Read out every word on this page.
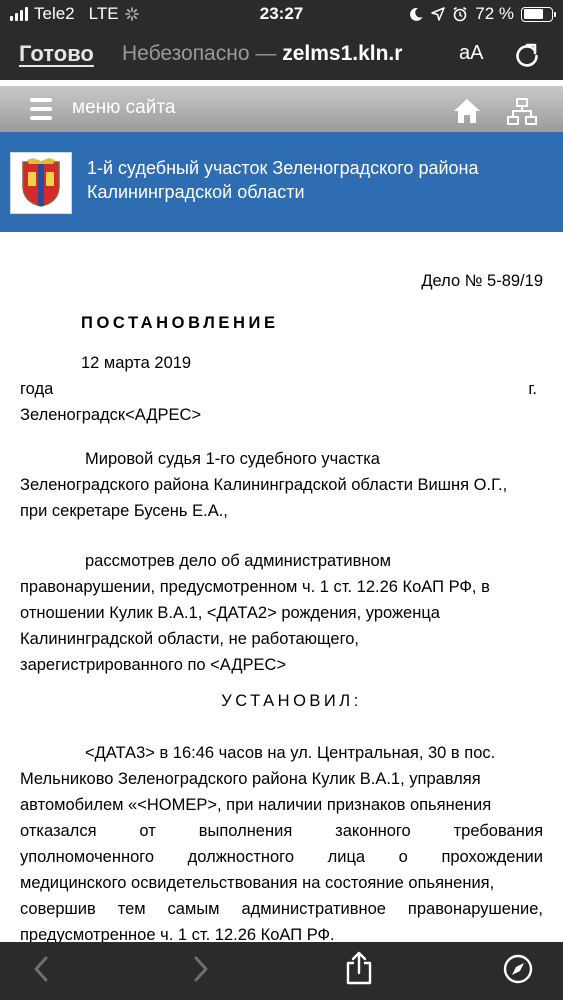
Tele2 LTE	23:27	72 %
Готово Небезопасно — zelms1.kln.r	aA
меню сайта
1-й судебный участок Зеленоградского района
Калининградской области
Дело № 5-89/19
ПОСТАНОВЛЕНИЕ
12 марта 2019
года	г.
Зеленоградск<АДРЕС>
Мировой судья 1-го судебного участка
Зеленоградского района Калининградской области Вишня О.Г.,
при секретаре Бусень Е.А.,
рассмотрев дело об административном
правонарушении, предусмотренном ч. 1 ст. 12.26 КоАП РФ, в
отношении Кулик В.А.1, <ДАТА2> рождения, уроженца
Калининградской области, не работающего,
зарегистрированного по <АДРЕС>
УСТАНОВИЛ:
<ДАТА3> в 16:46 часов на ул. Центральная, 30 в пос.
Мельниково Зеленоградского района Кулик В.А.1, управляя
автомобилем «<НОМЕР>, при наличии признаков опьянения
отказался от выполнения законного требования
уполномоченного должностного лица о прохождении
медицинского освидетельствования на состояние опьянения,
совершив тем самым административное правонарушение,
предусмотренное ч. 1 ст. 12.26 КоАП РФ.
